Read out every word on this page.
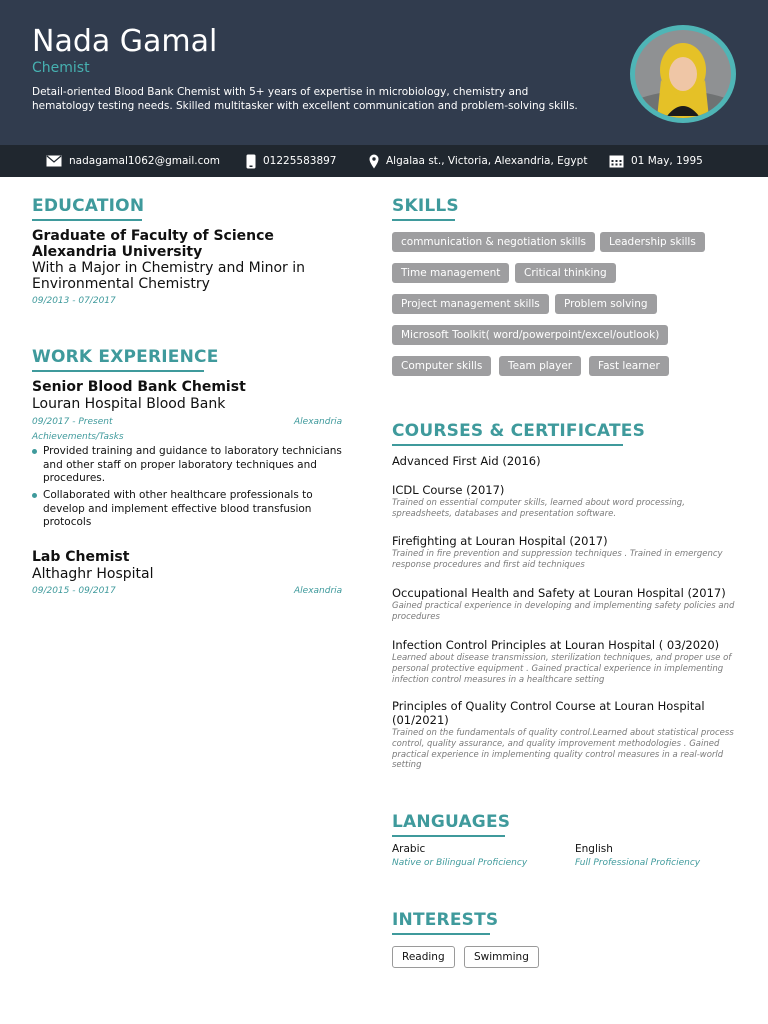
Nada Gamal
Chemist
Detail-oriented Blood Bank Chemist with 5+ years of expertise in microbiology, chemistry and hematology testing needs. Skilled multitasker with excellent communication and problem-solving skills.
nadagamal1062@gmail.com	01225583897	Algalaa st., Victoria, Alexandria, Egypt	01 May, 1995
EDUCATION
Graduate of Faculty of Science Alexandria University
With a Major in Chemistry and Minor in Environmental Chemistry
09/2013 - 07/2017
WORK EXPERIENCE
Senior Blood Bank Chemist
Louran Hospital Blood Bank
09/2017 - Present	Alexandria
Achievements/Tasks
Provided training and guidance to laboratory technicians and other staff on proper laboratory techniques and procedures.
Collaborated with other healthcare professionals to develop and implement effective blood transfusion protocols
Lab Chemist
Althaghr Hospital
09/2015 - 09/2017	Alexandria
SKILLS
communication & negotiation skills	Leadership skills
Time management	Critical thinking
Project management skills	Problem solving
Microsoft Toolkit( word/powerpoint/excel/outlook)
Computer skills	Team player	Fast learner
COURSES & CERTIFICATES
Advanced First Aid (2016)
ICDL Course (2017)
Trained on essential computer skills, learned about word processing, spreadsheets, databases and presentation software.
Firefighting at Louran Hospital (2017)
Trained in fire prevention and suppression techniques . Trained in emergency response procedures and first aid techniques
Occupational Health and Safety at Louran Hospital (2017)
Gained practical experience in developing and implementing safety policies and procedures
Infection Control Principles at Louran Hospital ( 03/2020)
Learned about disease transmission, sterilization techniques, and proper use of personal protective equipment . Gained practical experience in implementing infection control measures in a healthcare setting
Principles of Quality Control Course at Louran Hospital (01/2021)
Trained on the fundamentals of quality control.Learned about statistical process control, quality assurance, and quality improvement methodologies . Gained practical experience in implementing quality control measures in a real-world setting
LANGUAGES
Arabic
Native or Bilingual Proficiency
English
Full Professional Proficiency
INTERESTS
Reading	Swimming
